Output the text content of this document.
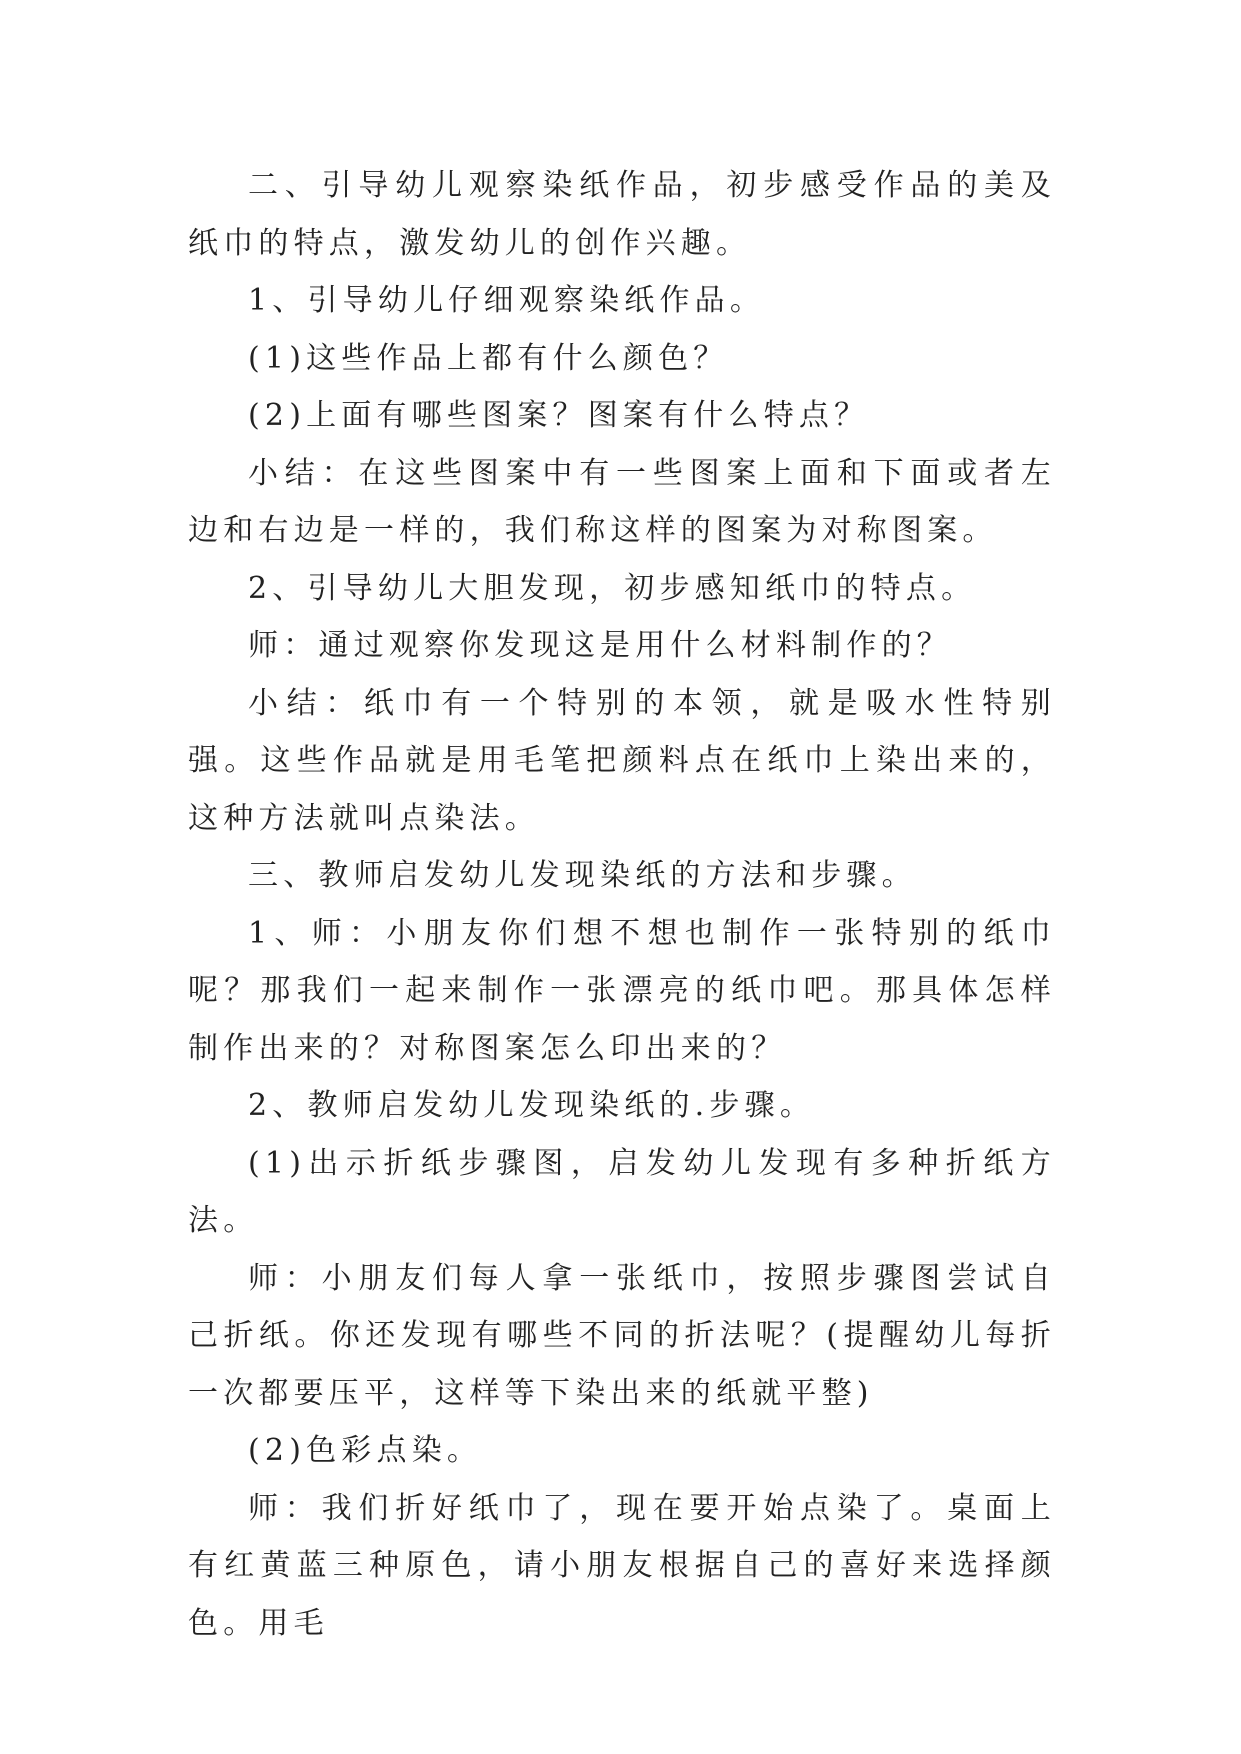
二、引导幼儿观察染纸作品，初步感受作品的美及纸巾的特点，激发幼儿的创作兴趣。

1、引导幼儿仔细观察染纸作品。

(1)这些作品上都有什么颜色？

(2)上面有哪些图案？图案有什么特点？

小结：在这些图案中有一些图案上面和下面或者左边和右边是一样的，我们称这样的图案为对称图案。

2、引导幼儿大胆发现，初步感知纸巾的特点。

师：通过观察你发现这是用什么材料制作的？

小结：纸巾有一个特别的本领，就是吸水性特别强。这些作品就是用毛笔把颜料点在纸巾上染出来的，这种方法就叫点染法。

三、教师启发幼儿发现染纸的方法和步骤。

1、师：小朋友你们想不想也制作一张特别的纸巾呢？那我们一起来制作一张漂亮的纸巾吧。那具体怎样制作出来的？对称图案怎么印出来的？

2、教师启发幼儿发现染纸的.步骤。

(1)出示折纸步骤图，启发幼儿发现有多种折纸方法。

师：小朋友们每人拿一张纸巾，按照步骤图尝试自己折纸。你还发现有哪些不同的折法呢？(提醒幼儿每折一次都要压平，这样等下染出来的纸就平整)

(2)色彩点染。

师：我们折好纸巾了，现在要开始点染了。桌面上有红黄蓝三种原色，请小朋友根据自己的喜好来选择颜色。用毛
